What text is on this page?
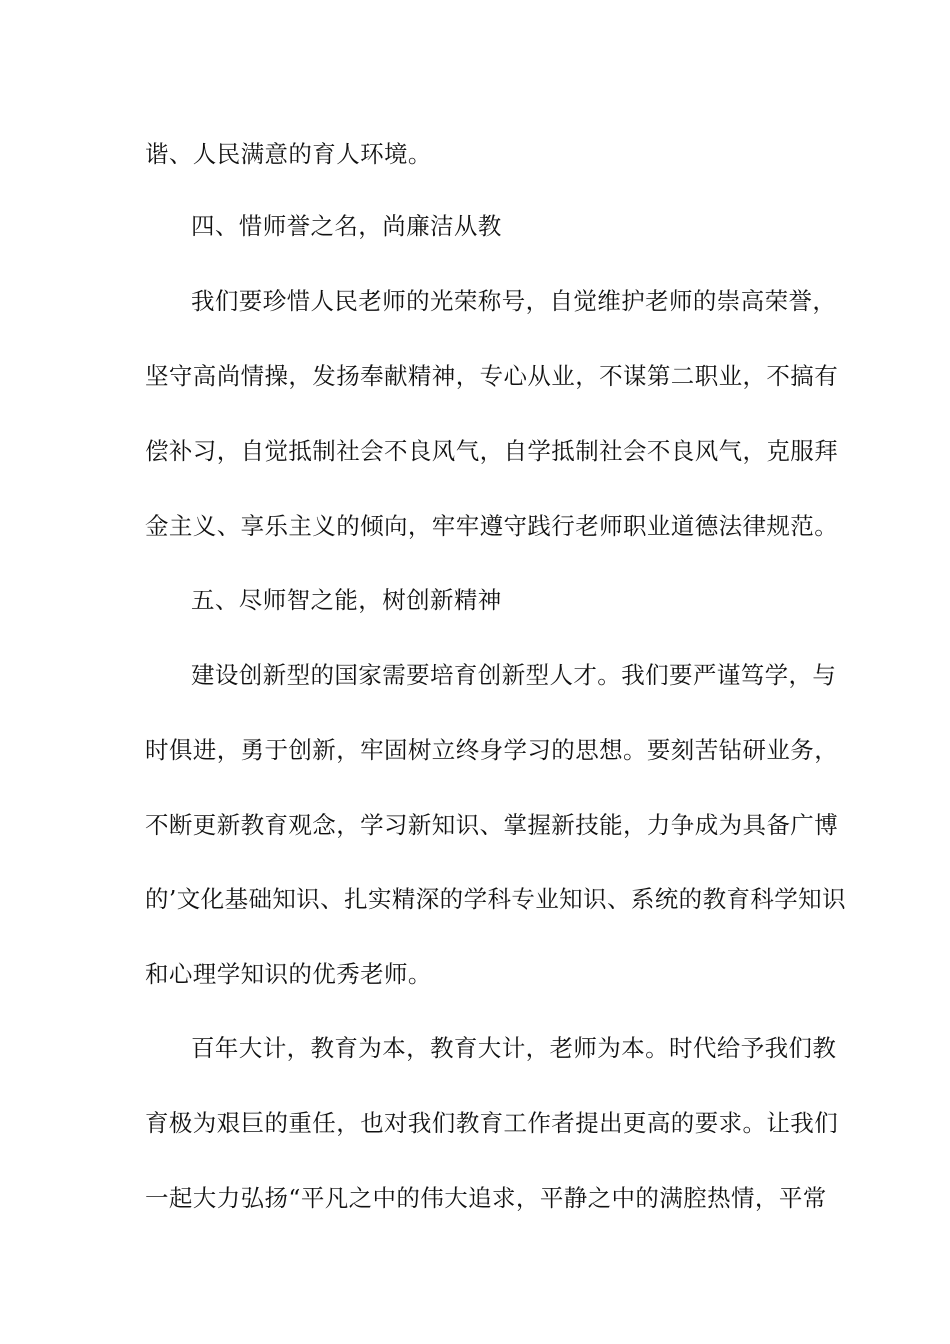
谐、人民满意的育人环境。
四、惜师誉之名，尚廉洁从教
我们要珍惜人民老师的光荣称号，自觉维护老师的崇高荣誉，
坚守高尚情操，发扬奉献精神，专心从业，不谋第二职业，不搞有
偿补习，自觉抵制社会不良风气，自学抵制社会不良风气，克服拜
金主义、享乐主义的倾向，牢牢遵守践行老师职业道德法律规范。
五、尽师智之能，树创新精神
建设创新型的国家需要培育创新型人才。我们要严谨笃学，与
时俱进，勇于创新，牢固树立终身学习的思想。要刻苦钻研业务，
不断更新教育观念，学习新知识、掌握新技能，力争成为具备广博
的’文化基础知识、扎实精深的学科专业知识、系统的教育科学知识
和心理学知识的优秀老师。
百年大计，教育为本，教育大计，老师为本。时代给予我们教
育极为艰巨的重任，也对我们教育工作者提出更高的要求。让我们
一起大力弘扬“平凡之中的伟大追求，平静之中的满腔热情，平常
